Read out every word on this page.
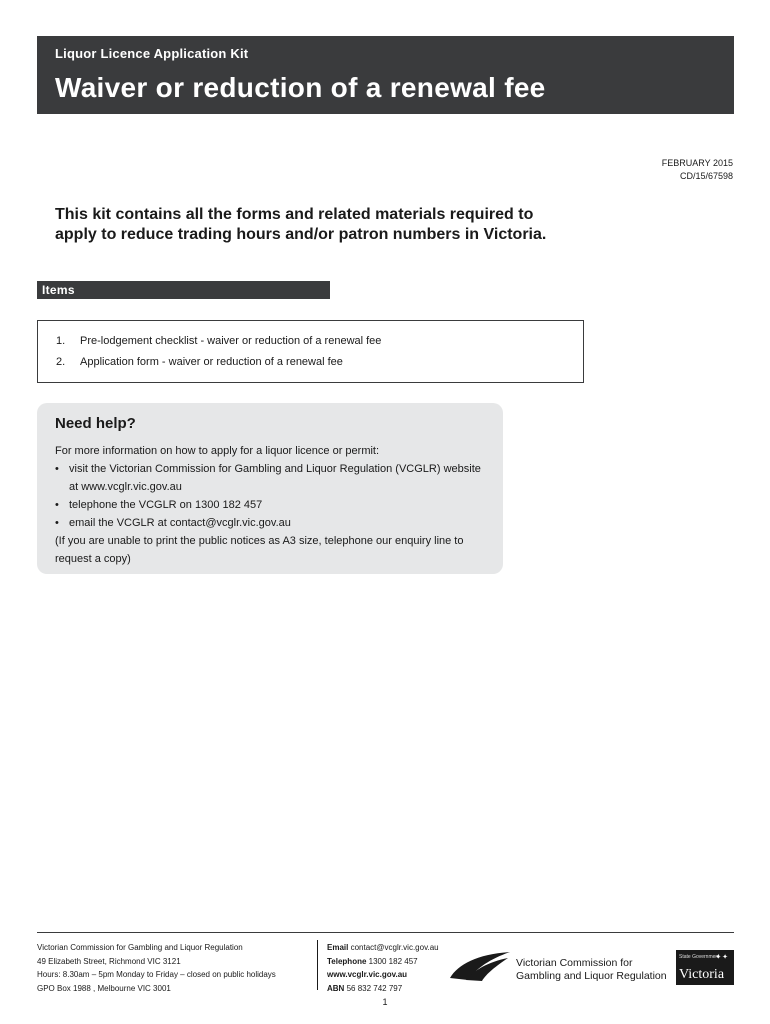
Liquor Licence Application Kit
Waiver or reduction of a renewal fee
FEBRUARY 2015
CD/15/67598
This kit contains all the forms and related materials required to apply to reduce trading hours and/or patron numbers in Victoria.
Items
1.	Pre-lodgement checklist - waiver or reduction of a renewal fee
2.	Application form - waiver or reduction of a renewal fee
Need help?
For more information on how to apply for a liquor licence or permit:
• visit the Victorian Commission for Gambling and Liquor Regulation (VCGLR) website at www.vcglr.vic.gov.au
• telephone the VCGLR on 1300 182 457
• email the VCGLR at contact@vcglr.vic.gov.au
(If you are unable to print the public notices as A3 size, telephone our enquiry line to request a copy)
Victorian Commission for Gambling and Liquor Regulation
49 Elizabeth Street, Richmond VIC 3121
Hours: 8.30am – 5pm Monday to Friday – closed on public holidays
GPO Box 1988 , Melbourne VIC 3001
Email contact@vcglr.vic.gov.au
Telephone 1300 182 457
www.vcglr.vic.gov.au
ABN 56 832 742 797
Victorian Commission for
Gambling and Liquor Regulation
State Government
✦✦
Victoria
1
